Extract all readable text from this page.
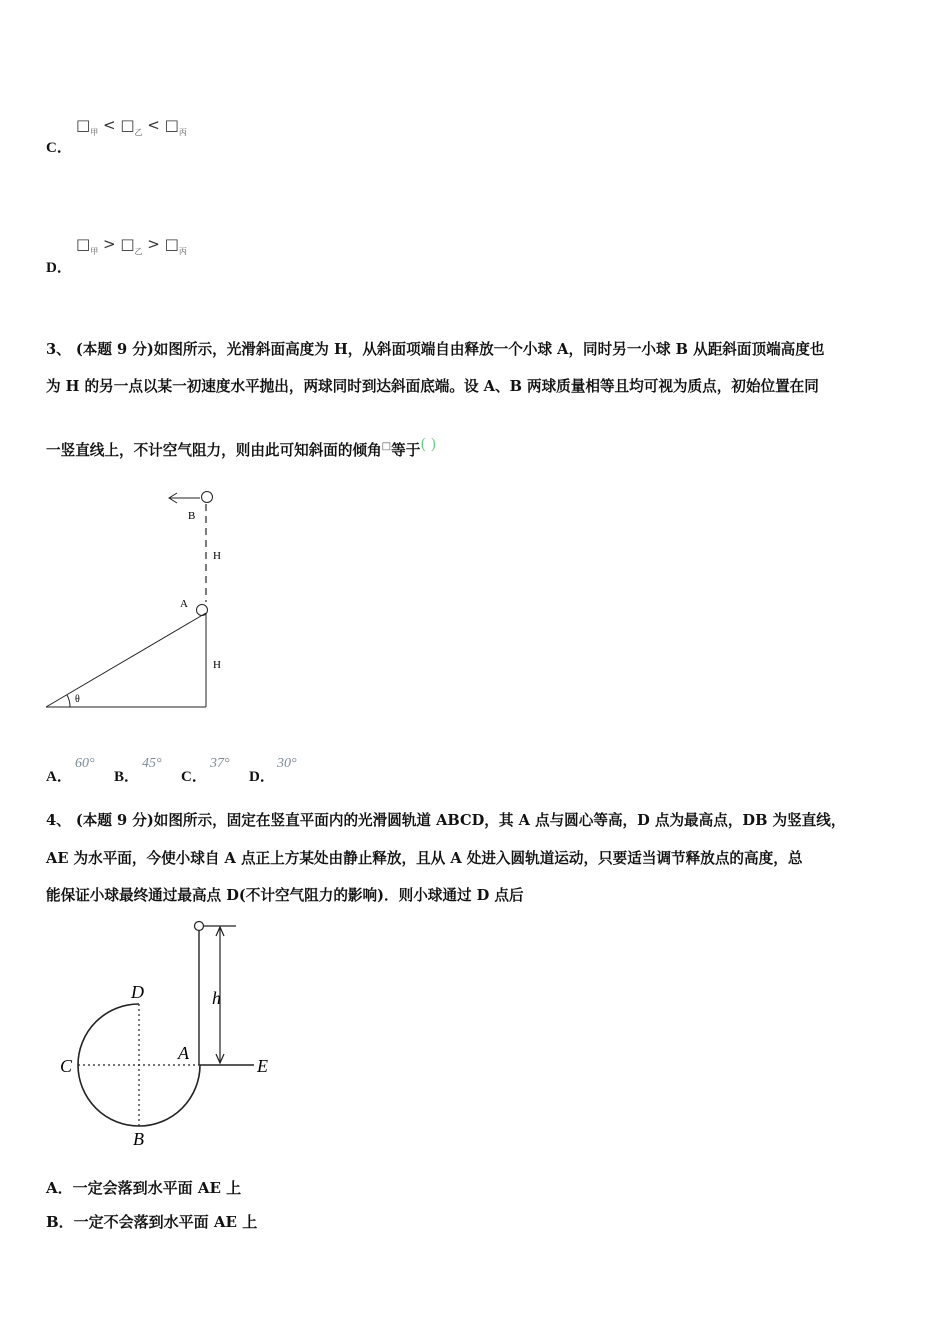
C．
$□_甲$ < $□_乙$ < $□_丙$
D．
$□_甲$ > $□_乙$ > $□_丙$
3、 (本题 9 分)如图所示，光滑斜面高度为 H，从斜面项端自由释放一个小球 A，同时另一小球 B 从距斜面顶端高度也
为 H 的另一点以某一初速度水平抛出，两球同时到达斜面底端。设 A、B 两球质量相等且均可视为质点，初始位置在同
一竖直线上，不计空气阻力，则由此可知斜面的倾角□等于( )
B
H
A
H
θ
A．
60°
B．
45°
C．
37°
D．
30°
4、 (本题 9 分)如图所示，固定在竖直平面内的光滑圆轨道 ABCD，其 A 点与圆心等高，D 点为最高点，DB 为竖直线，
AE 为水平面，今使小球自 A 点正上方某处由静止释放，且从 A 处进入圆轨道运动，只要适当调节释放点的高度，总
能保证小球最终通过最高点 D(不计空气阻力的影响)．则小球通过 D 点后
h
D
C
A
E
B
A．一定会落到水平面 AE 上
B．一定不会落到水平面 AE 上
